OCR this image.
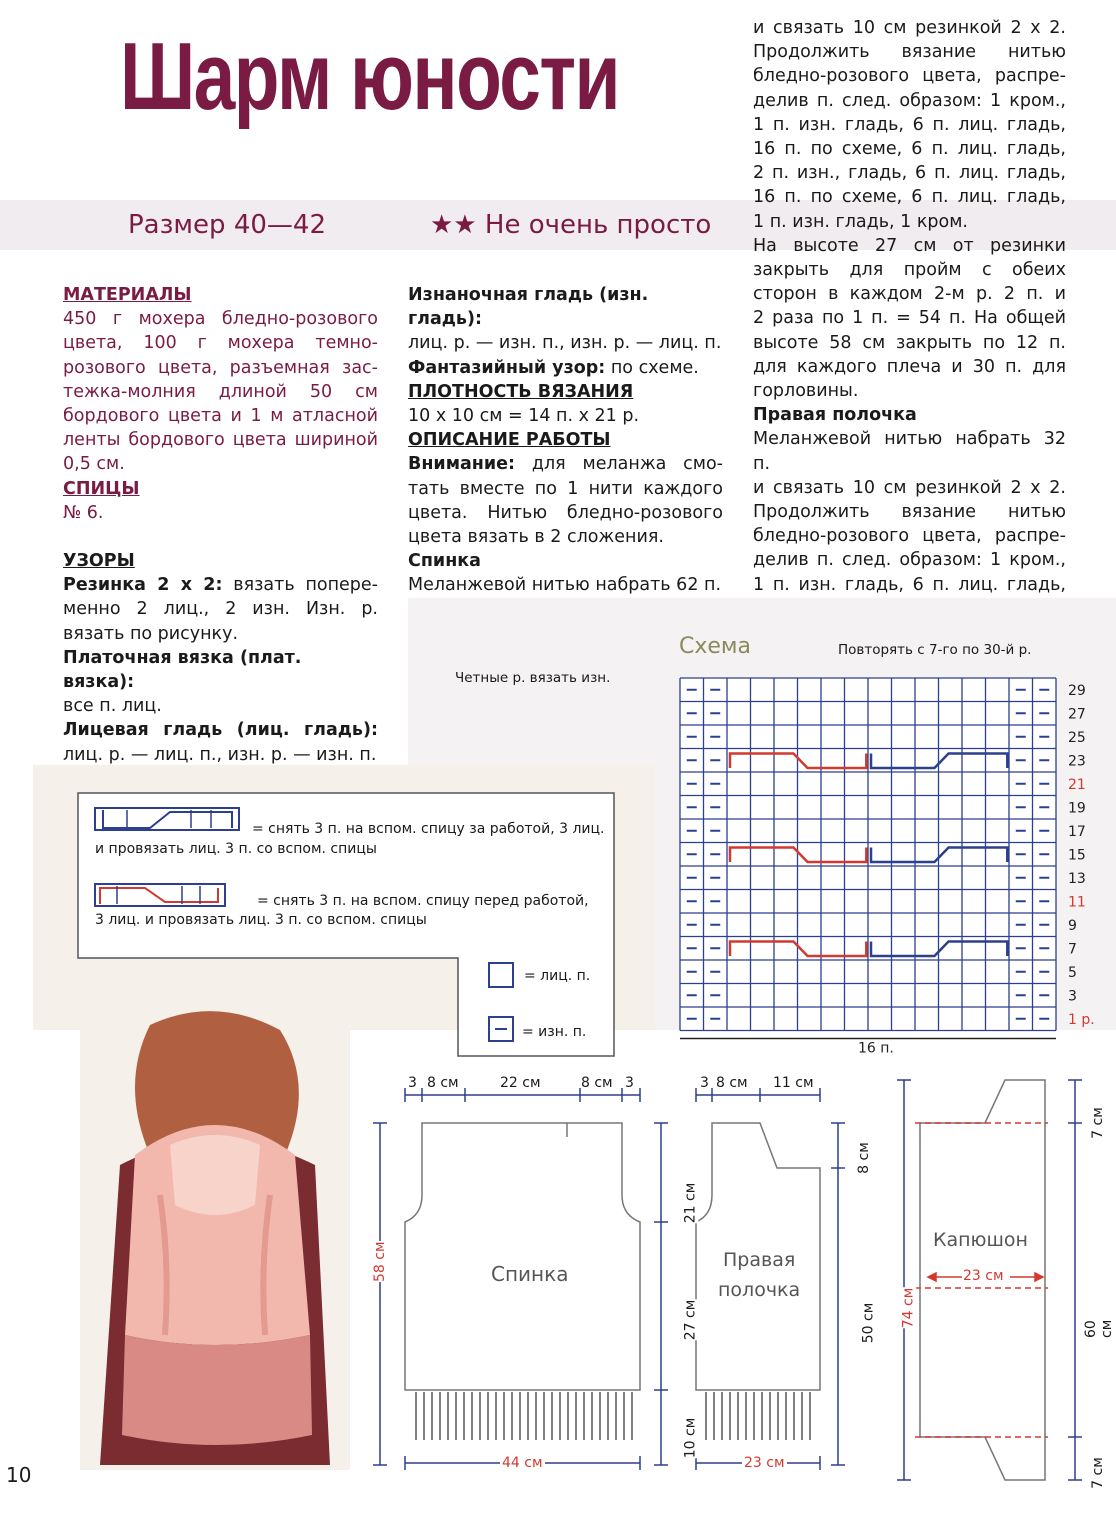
Шарм юности
Размер 40—42	★★ Не очень просто

МАТЕРИАЛЫ

450 г мохера бледно-розового

цвета, 100 г мохера темно-

розового цвета, разъемная зас-

тежка-молния длиной 50 см

бордового цвета и 1 м атласной

ленты бордового цвета шириной

0,5 см.

СПИЦЫ

№ 6.

УЗОРЫ

Резинка 2 х 2: вязать попере-

менно 2 лиц., 2 изн. Изн. р.

вязать по рисунку.

Платочная вязка (плат. вязка):

все п. лиц.

Лицевая гладь (лиц. гладь):

лиц. р. — лиц. п., изн. р. — изн. п.

Изнаночная гладь (изн. гладь):

лиц. р. — изн. п., изн. р. — лиц. п.

Фантазийный узор: по схеме.

ПЛОТНОСТЬ ВЯЗАНИЯ

10 х 10 см = 14 п. х 21 р.

ОПИСАНИЕ РАБОТЫ

Внимание: для меланжа смо-

тать вместе по 1 нити каждого

цвета. Нитью бледно-розового

цвета вязать в 2 сложения.

Спинка

Меланжевой нитью набрать 62 п.

и связать 10 см резинкой 2 х 2.

Продолжить вязание нитью

бледно-розового цвета, распре-

делив п. след. образом: 1 кром.,

1 п. изн. гладь, 6 п. лиц. гладь,

16 п. по схеме, 6 п. лиц. гладь,

2 п. изн., гладь, 6 п. лиц. гладь,

16 п. по схеме, 6 п. лиц. гладь,

1 п. изн. гладь, 1 кром.

На высоте 27 см от резинки

закрыть для пройм с обеих

сторон в каждом 2-м р. 2 п. и

2 раза по 1 п. = 54 п. На общей

высоте 58 см закрыть по 12 п.

для каждого плеча и 30 п. для

горловины.

Правая полочка

Меланжевой нитью набрать 32 п.

и связать 10 см резинкой 2 х 2.

Продолжить вязание нитью

бледно-розового цвета, распре-

делив п. след. образом: 1 кром.,

1 п. изн. гладь, 6 п. лиц. гладь,

= снять 3 п. на вспом. спицу за работой, 3 лиц.
и провязать лиц. 3 п. со вспом. спицы
= снять 3 п. на вспом. спицу перед работой,
3 лиц. и провязать лиц. 3 п. со вспом. спицы
= лиц. п.
= изн. п.
Схема	Повторять с 7-го по 30-й р.
Четные р. вязать изн.
29
27
25
23
21
19
17
15
13
11
9
7
5
3
1 р.
16 п.
3 8 см	22 см	8 см 3	3 8 см 11 см
Спинка
Правая
полочка
Капюшон
23 см
44 см	23 см
58 см
21 см
27 см
10 см
8 см
50 см 74 см
7 см
60 см
7 см
10
